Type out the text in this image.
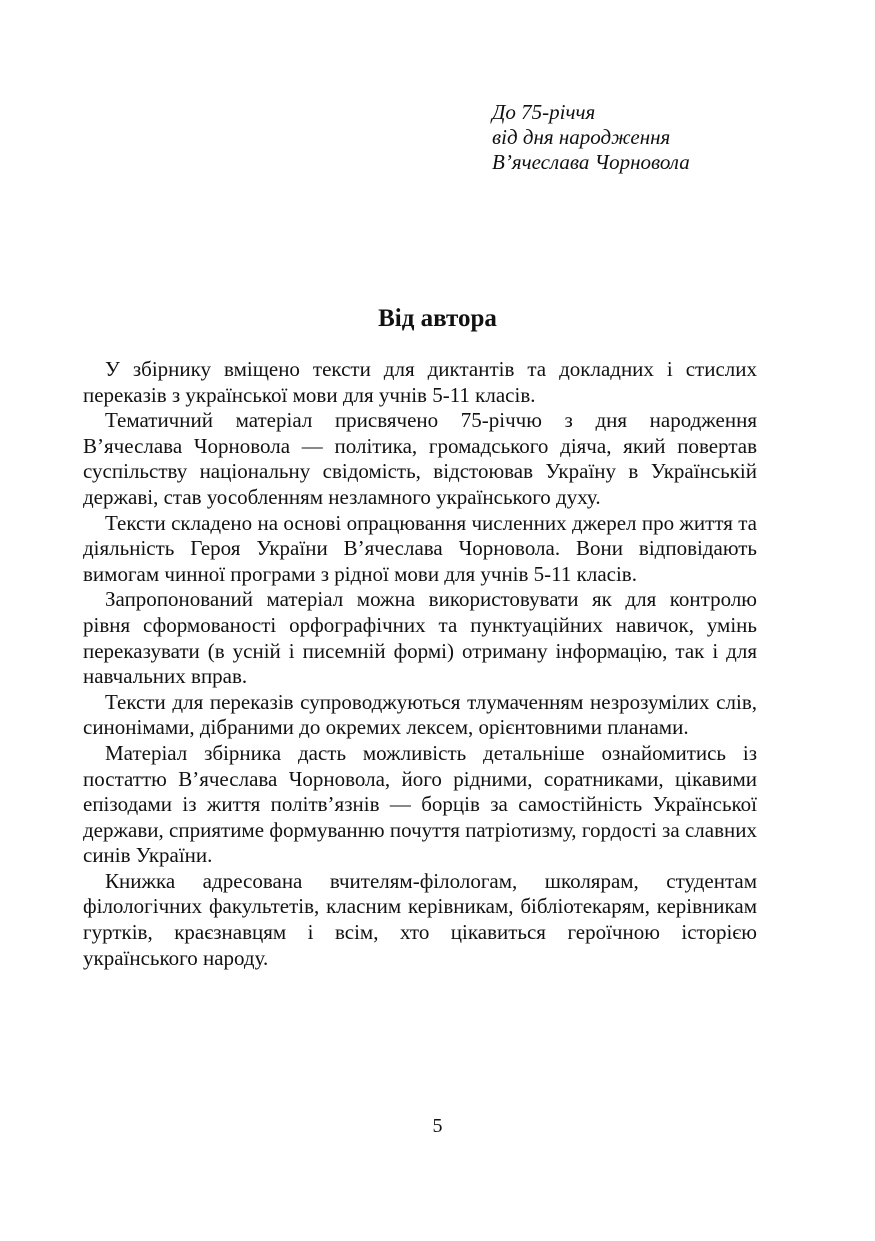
До 75-річчя
від дня народження
В’ячеслава Чорновола
Від автора

У збірнику вміщено тексти для диктантів та докладних і стислих переказів з української мови для учнів 5-11 класів.

Тематичний матеріал присвячено 75-річчю з дня народження В’ячеслава Чорновола — політика, громадського діяча, який повертав суспільству національну свідомість, відстоював Україну в Українській державі, став уособленням незламного українського духу.

Тексти складено на основі опрацювання численних джерел про життя та діяльність Героя України В’ячеслава Чорновола. Вони відповідають вимогам чинної програми з рідної мови для учнів 5-11 класів.

Запропонований матеріал можна використовувати як для контролю рівня сформованості орфографічних та пунктуаційних навичок, умінь переказувати (в усній і писемній формі) отриману інформацію, так і для навчальних вправ.

Тексти для переказів супроводжуються тлумаченням незрозумілих слів, синонімами, дібраними до окремих лексем, орієнтовними планами.

Матеріал збірника дасть можливість детальніше ознайомитись із постаттю В’ячеслава Чорновола, його рідними, соратниками, цікавими епізодами із життя політв’язнів — борців за самостійність Української держави, сприятиме формуванню почуття патріотизму, гордості за славних синів України.

Книжка адресована вчителям-філологам, школярам, студентам філологічних факультетів, класним керівникам, бібліотекарям, керівникам гуртків, краєзнавцям і всім, хто цікавиться героїчною історією українського народу.

5
